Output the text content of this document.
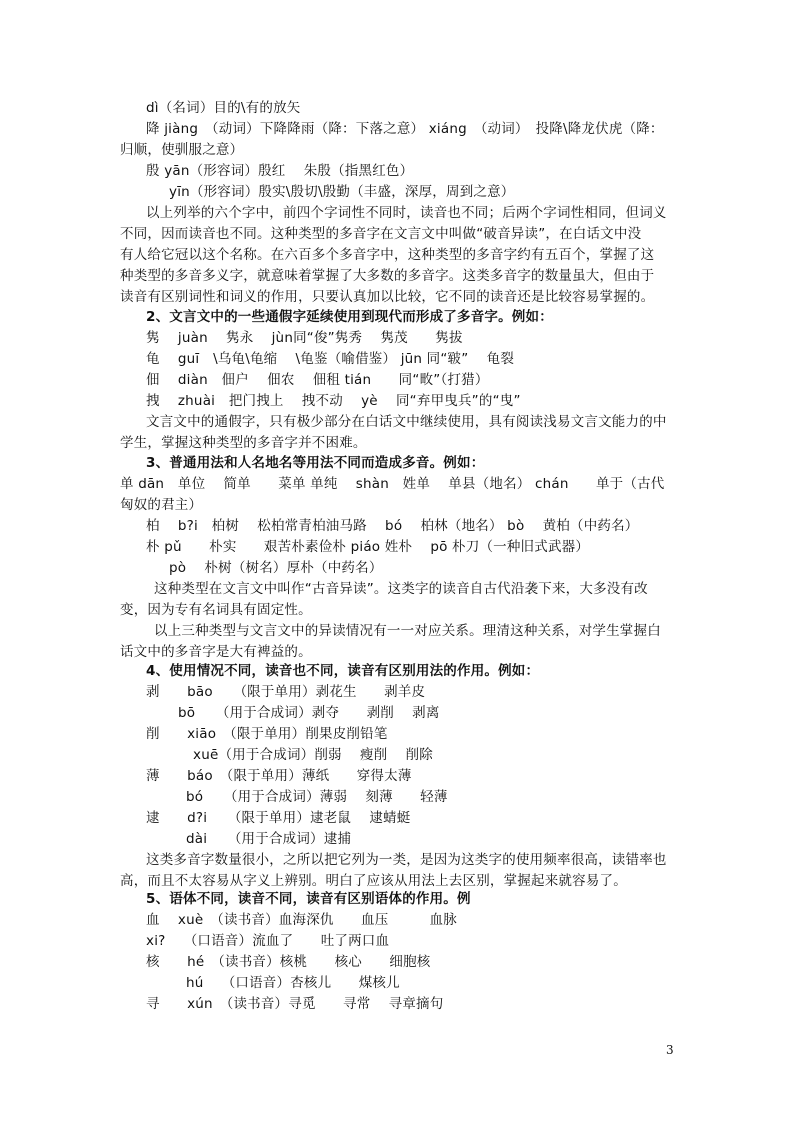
dì（名词）目的\有的放矢
降 jiàng　（动词）下降降雨（降：下落之意） xiáng　（动词）　投降\降龙伏虎（降：
归顺，使驯服之意）
殷 yān（形容词）殷红　 朱殷（指黑红色）
yīn（形容词）殷实\殷切\殷勤（丰盛，深厚，周到之意）
以上列举的六个字中，前四个字词性不同时，读音也不同；后两个字词性相同，但词义
不同，因而读音也不同。这种类型的多音字在文言文中叫做“破音异读”，在白话文中没
有人给它冠以这个名称。在六百多个多音字中，这种类型的多音字约有五百个，掌握了这
种类型的多音多义字，就意味着掌握了大多数的多音字。这类多音字的数量虽大，但由于
读音有区别词性和词义的作用，只要认真加以比较，它不同的读音还是比较容易掌握的。
2、文言文中的一些通假字延续使用到现代而形成了多音字。例如：
隽　 juàn　 隽永　 jùn同“俊”隽秀　 隽茂　　隽拔
龟　 guī　\乌龟\龟缩　 \龟鉴（喻借鉴） jūn 同“皲”　 龟裂
佃　 diàn　佃户　 佃农　 佃租 tián　　同“畋”（打猎）
拽　 zhuài　把门拽上　 拽不动　 yè　 同“弃甲曳兵”的“曳”
文言文中的通假字，只有极少部分在白话文中继续使用，具有阅读浅易文言文能力的中
学生，掌握这种类型的多音字并不困难。
3、普通用法和人名地名等用法不同而造成多音。例如：
单 dān　单位　 简单　　菜单 单纯　 shàn　姓单　 单县（地名） chán　　单于（古代
匈奴的君主）
柏　 b?i　柏树　 松柏常青柏油马路　 bó　 柏林（地名） bò　 黄柏（中药名）
朴 pǔ　　朴实　　艰苦朴素俭朴 piáo 姓朴　 pō 朴刀（一种旧式武器）
pò　 朴树（树名）厚朴（中药名）
这种类型在文言文中叫作“古音异读”。这类字的读音自古代沿袭下来，大多没有改
变，因为专有名词具有固定性。
以上三种类型与文言文中的异读情况有一一对应关系。理清这种关系，对学生掌握白
话文中的多音字是大有裨益的。
4、使用情况不同，读音也不同，读音有区别用法的作用。例如：
剥　　bāo　　（限于单用）剥花生　　剥羊皮
bō　　（用于合成词）剥夺　　剥削　 剥离
削　　xiāo　（限于单用）削果皮削铅笔
xuē（用于合成词）削弱　 瘦削　 削除
薄　　báo　（限于单用）薄纸　　穿得太薄
bó　　（用于合成词）薄弱　 刻薄　　轻薄
逮　　d?i　　（限于单用）逮老鼠　 逮蜻蜓
dài　　（用于合成词）逮捕
这类多音字数量很小，之所以把它列为一类，是因为这类字的使用频率很高，读错率也
高，而且不太容易从字义上辨别。明白了应该从用法上去区别，掌握起来就容易了。
5、语体不同，读音不同，读音有区别语体的作用。例
血　 xuè　（读书音）血海深仇　　血压　　　血脉
xi?　 （口语音）流血了　　吐了两口血
核　　hé　（读书音）核桃　　核心　　细胞核
hú　 （口语音）杏核儿　　煤核儿
寻　　xún　（读书音）寻觅　　寻常　 寻章摘句
3
